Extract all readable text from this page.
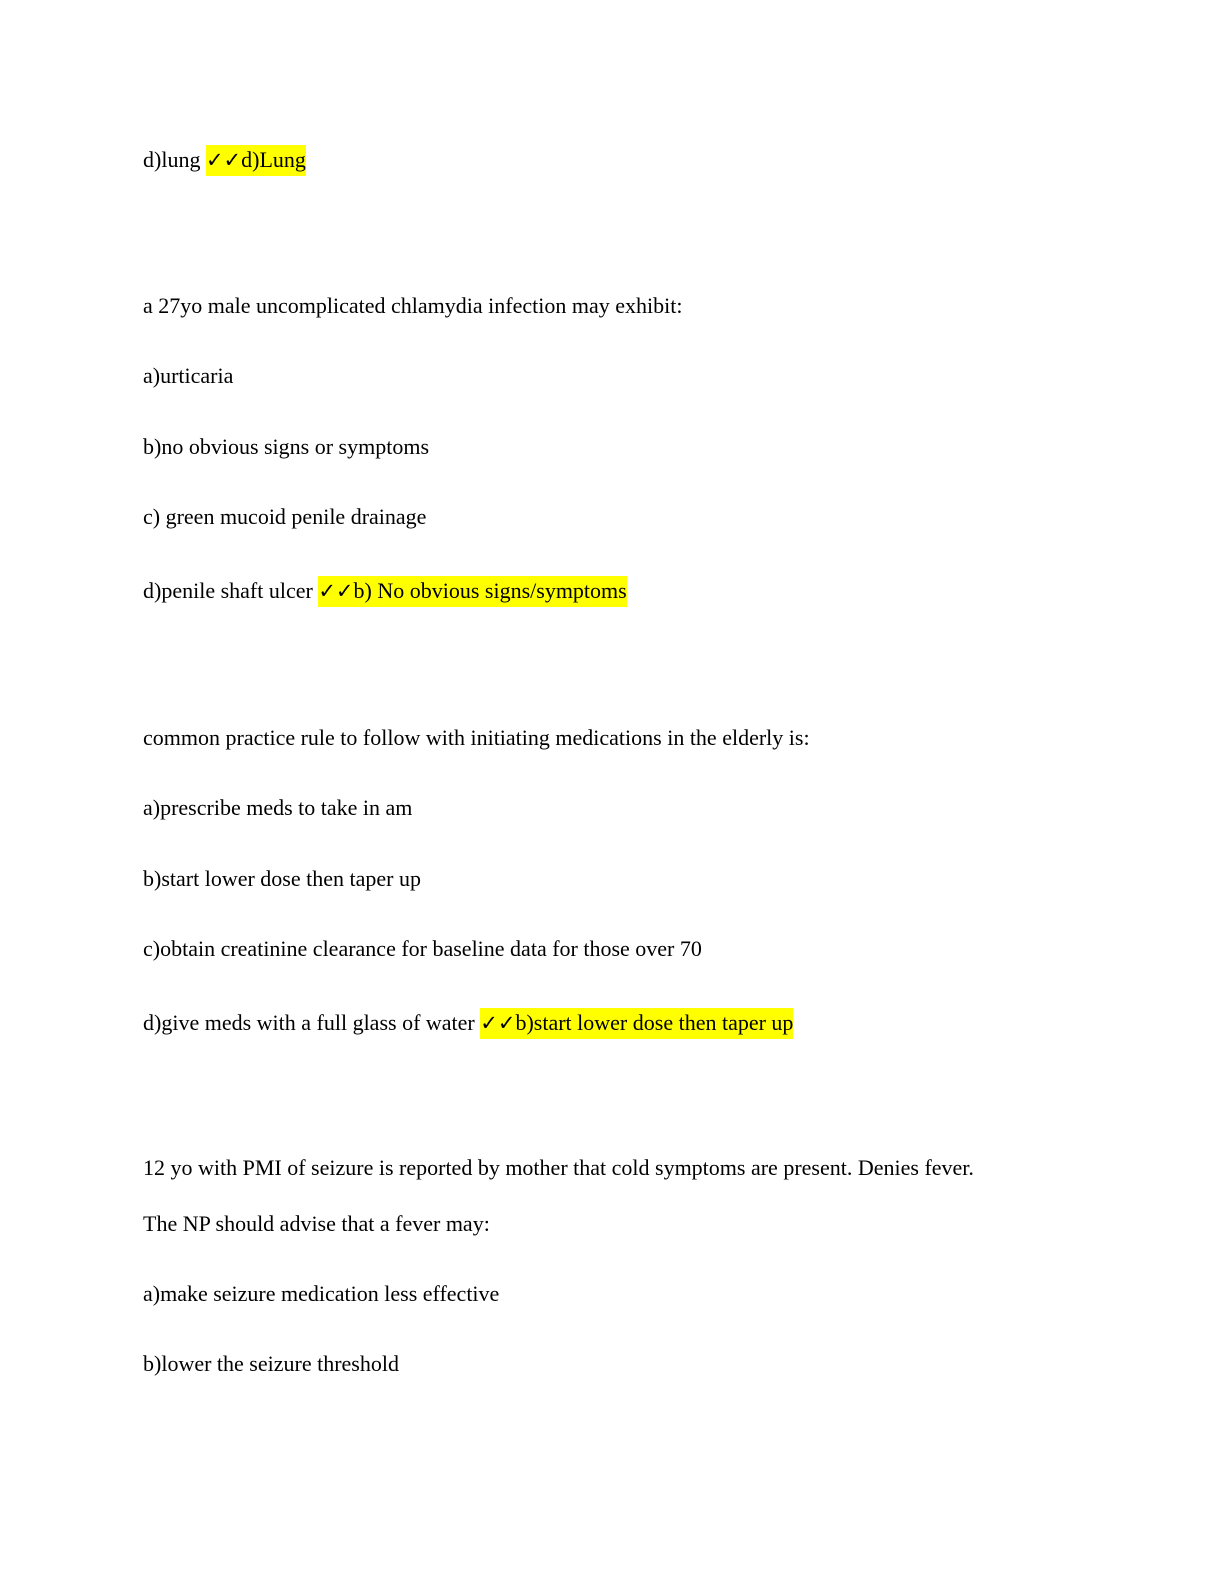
d)lung ✓✓d)Lung
a 27yo male uncomplicated chlamydia infection may exhibit:
a)urticaria
b)no obvious signs or symptoms
c) green mucoid penile drainage
d)penile shaft ulcer ✓✓b) No obvious signs/symptoms
common practice rule to follow with initiating medications in the elderly is:
a)prescribe meds to take in am
b)start lower dose then taper up
c)obtain creatinine clearance for baseline data for those over 70
d)give meds with a full glass of water ✓✓b)start lower dose then taper up
12 yo with PMI of seizure is reported by mother that cold symptoms are present. Denies fever.
The NP should advise that a fever may:
a)make seizure medication less effective
b)lower the seizure threshold
